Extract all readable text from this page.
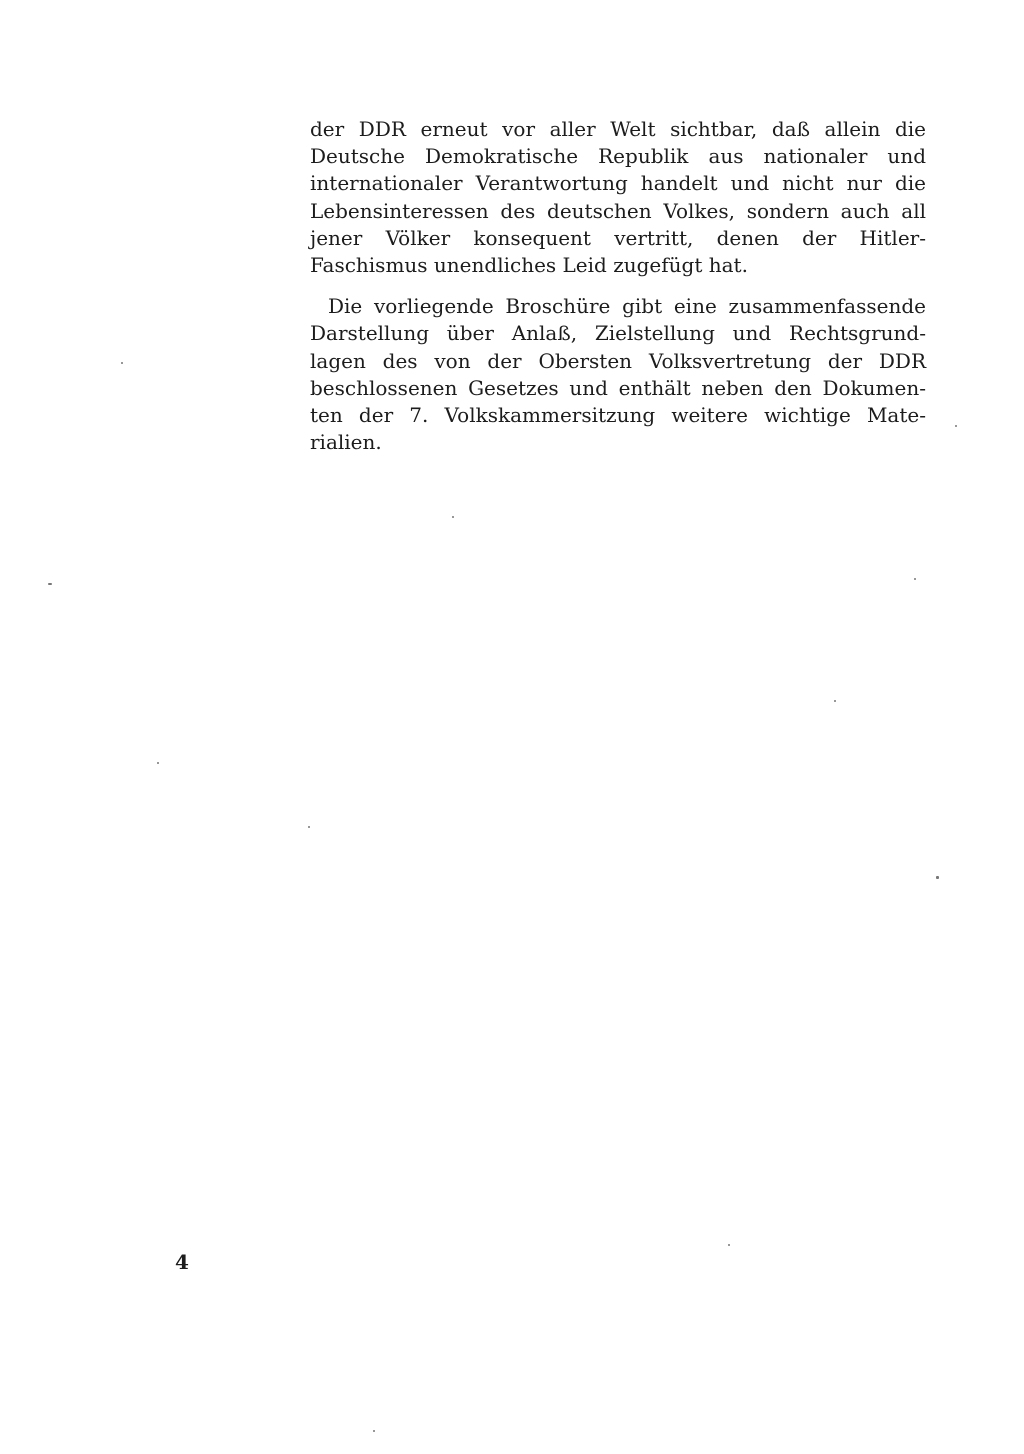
der DDR erneut vor aller Welt sichtbar, daß allein die
Deutsche Demokratische Republik aus nationaler und
internationaler Verantwortung handelt und nicht nur die
Lebensinteressen des deutschen Volkes, sondern auch all
jener Völker konsequent vertritt, denen der Hitler-
Faschismus unendliches Leid zugefügt hat.
Die vorliegende Broschüre gibt eine zusammenfassende
Darstellung über Anlaß, Zielstellung und Rechtsgrund-
lagen des von der Obersten Volksvertretung der DDR
beschlossenen Gesetzes und enthält neben den Dokumen-
ten der 7. Volkskammersitzung weitere wichtige Mate-
rialien.
4
